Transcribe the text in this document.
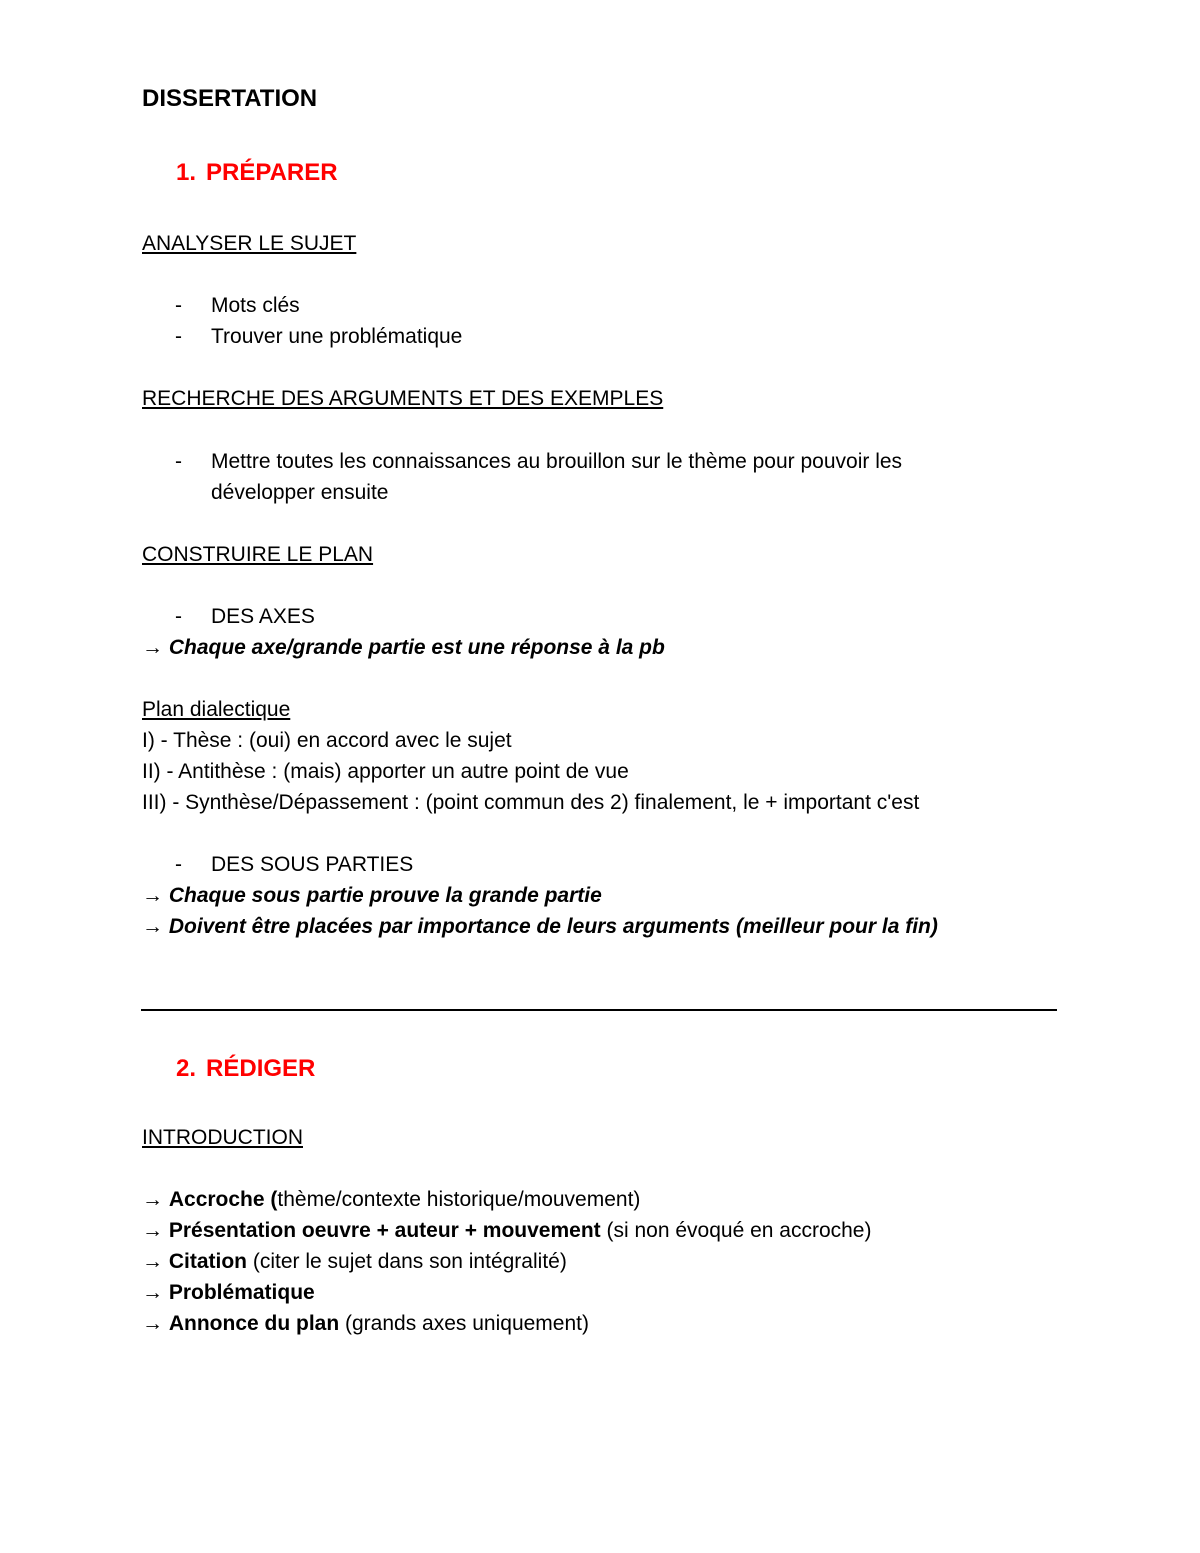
DISSERTATION
1. PRÉPARER
ANALYSER LE SUJET
- Mots clés
- Trouver une problématique
RECHERCHE DES ARGUMENTS ET DES EXEMPLES
- Mettre toutes les connaissances au brouillon sur le thème pour pouvoir les
développer ensuite
CONSTRUIRE LE PLAN
- DES AXES
→ Chaque axe/grande partie est une réponse à la pb
Plan dialectique
I) - Thèse : (oui) en accord avec le sujet
II) - Antithèse : (mais) apporter un autre point de vue
III) - Synthèse/Dépassement : (point commun des 2) finalement, le + important c'est
- DES SOUS PARTIES
→ Chaque sous partie prouve la grande partie
→ Doivent être placées par importance de leurs arguments (meilleur pour la fin)
2. RÉDIGER
INTRODUCTION
→ Accroche (thème/contexte historique/mouvement)
→ Présentation oeuvre + auteur + mouvement (si non évoqué en accroche)
→ Citation (citer le sujet dans son intégralité)
→ Problématique
→ Annonce du plan (grands axes uniquement)
